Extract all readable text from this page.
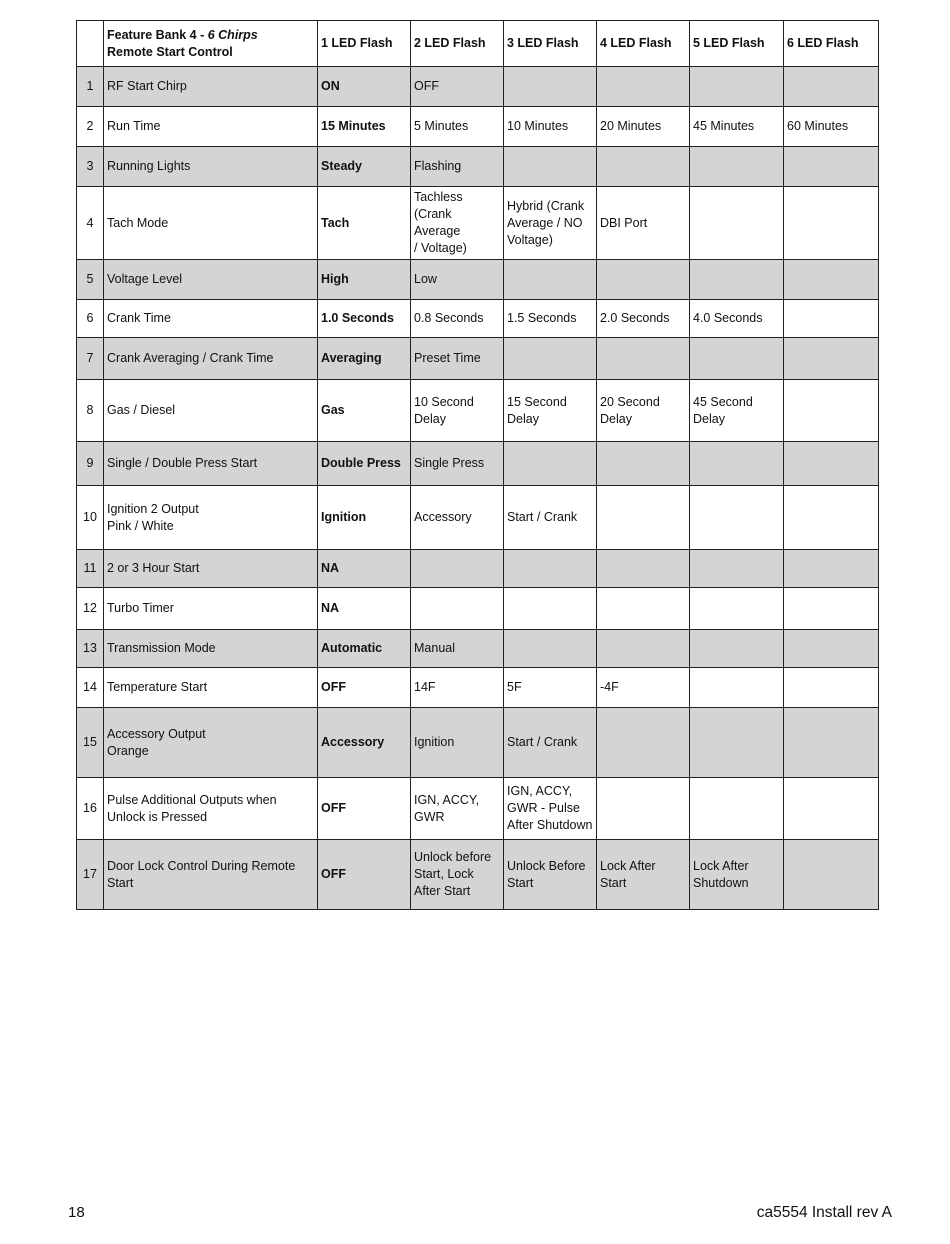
	Feature Bank 4 - 6 Chirps
Remote Start Control	1 LED Flash	2 LED Flash	3 LED Flash	4 LED Flash	5 LED Flash	6 LED Flash
1	RF Start Chirp	ON	OFF				
2	Run Time	15 Minutes	5 Minutes	10 Minutes	20 Minutes	45 Minutes	60 Minutes
3	Running Lights	Steady	Flashing				
4	Tach Mode	Tach	Tachless
(Crank Average
/ Voltage)	Hybrid (Crank
Average / NO
Voltage)	DBI Port		
5	Voltage Level	High	Low				
6	Crank Time	1.0 Seconds	0.8 Seconds	1.5 Seconds	2.0 Seconds	4.0 Seconds	
7	Crank Averaging / Crank Time	Averaging	Preset Time				
8	Gas / Diesel	Gas	10 Second
Delay	15 Second
Delay	20 Second
Delay	45 Second
Delay	
9	Single / Double Press Start	Double Press	Single Press				
10	Ignition 2 Output
Pink / White	Ignition	Accessory	Start / Crank			
11	2 or 3 Hour Start	NA					
12	Turbo Timer	NA					
13	Transmission Mode	Automatic	Manual				
14	Temperature Start	OFF	14F	5F	-4F		
15	Accessory Output
Orange	Accessory	Ignition	Start / Crank			
16	Pulse Additional Outputs when
Unlock is Pressed	OFF	IGN, ACCY,
GWR	IGN, ACCY,
GWR - Pulse
After Shutdown			
17	Door Lock Control During Remote
Start	OFF	Unlock before
Start, Lock
After Start	Unlock Before
Start	Lock After
Start	Lock After
Shutdown	
18	ca5554 Install rev A
